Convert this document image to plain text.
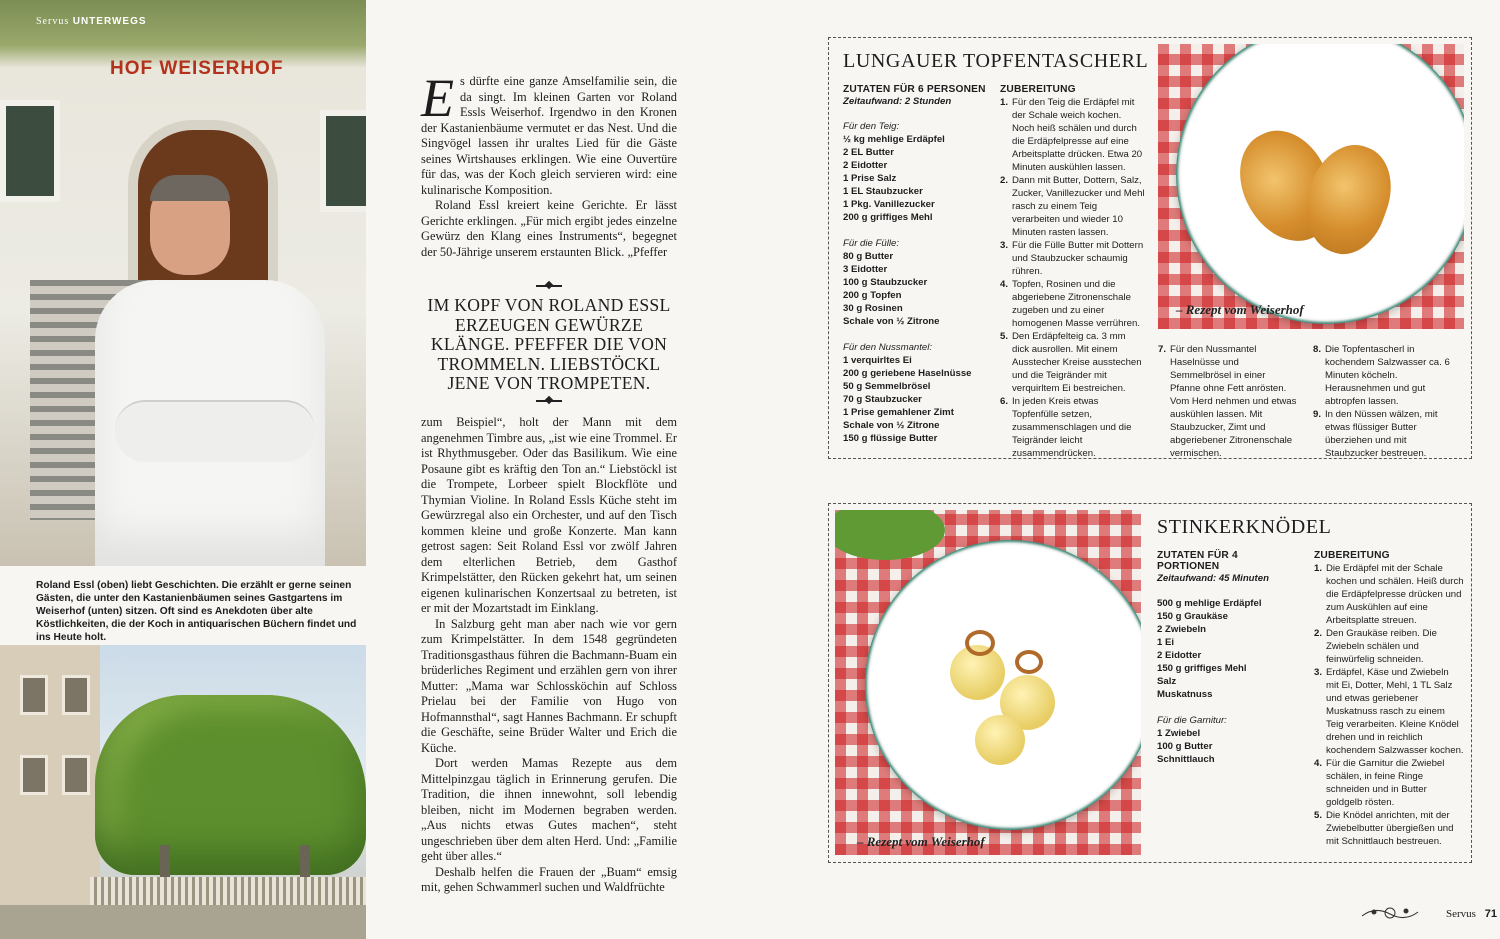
HOF WEISERHOF
Servus UNTERWEGS
Roland Essl (oben) liebt Geschichten. Die erzählt er gerne seinen Gästen, die unter den Kastanienbäumen seines Gastgartens im Weiserhof (unten) sitzen. Oft sind es Anekdoten über alte Köstlichkeiten, die der Koch in antiquarischen Büchern findet und ins Heute holt.

Es dürfte eine ganze Amselfamilie sein, die da singt. Im kleinen Garten vor Roland Essls Weiserhof. Irgendwo in den Kronen der Kastanienbäume vermutet er das Nest. Und die Singvögel lassen ihr uraltes Lied für die Gäste seines Wirtshauses erklingen. Wie eine Ouvertüre für das, was der Koch gleich servieren wird: eine kulinarische Komposition.

Roland Essl kreiert keine Gerichte. Er lässt Gerichte erklingen. „Für mich ergibt jedes einzelne Gewürz den Klang eines Instruments“, begegnet der 50-Jährige unserem erstaunten Blick. „Pfeffer

IM KOPF VON ROLAND ESSL ERZEUGEN GEWÜRZE KLÄNGE. PFEFFER DIE VON TROMMELN. LIEBSTÖCKL JENE VON TROMPETEN.

zum Beispiel“, holt der Mann mit dem angenehmen Timbre aus, „ist wie eine Trommel. Er ist Rhythmusgeber. Oder das Basilikum. Wie eine Posaune gibt es kräftig den Ton an.“ Liebstöckl ist die Trompete, Lorbeer spielt Blockflöte und Thymian Violine. In Roland Essls Küche steht im Gewürzregal also ein Orchester, und auf den Tisch kommen kleine und große Konzerte. Man kann getrost sagen: Seit Roland Essl vor zwölf Jahren dem elterlichen Betrieb, dem Gasthof Krimpelstätter, den Rücken gekehrt hat, um seinen eigenen kulinarischen Konzertsaal zu betreten, ist er mit der Mozartstadt im Einklang.

In Salzburg geht man aber nach wie vor gern zum Krimpelstätter. In dem 1548 gegründeten Traditionsgasthaus führen die Bachmann-Buam ein brüderliches Regiment und erzählen gern von ihrer Mutter: „Mama war Schlossköchin auf Schloss Prielau bei der Familie von Hugo von Hofmannsthal“, sagt Hannes Bachmann. Er schupft die Geschäfte, seine Brüder Walter und Erich die Küche.

Dort werden Mamas Rezepte aus dem Mittelpinzgau täglich in Erinnerung gerufen. Die Tradition, die ihnen innewohnt, soll lebendig bleiben, nicht im Modernen begraben werden. „Aus nichts etwas Gutes machen“, steht ungeschrieben über dem alten Herd. Und: „Familie geht über alles.“

Deshalb helfen die Frauen der „Buam“ emsig mit, gehen Schwammerl suchen und Waldfrüchte

LUNGAUER TOPFENTASCHERL
ZUTATEN FÜR 6 PERSONEN
Zeitaufwand: 2 Stunden
Für den Teig:
½ kg mehlige Erdäpfel
2 EL Butter
2 Eidotter
1 Prise Salz
1 EL Staubzucker
1 Pkg. Vanillezucker
200 g griffiges Mehl
Für die Fülle:
80 g Butter
3 Eidotter
100 g Staubzucker
200 g Topfen
30 g Rosinen
Schale von ½ Zitrone
Für den Nussmantel:
1 verquirltes Ei
200 g geriebene Haselnüsse
50 g Semmelbrösel
70 g Staubzucker
1 Prise gemahlener Zimt
Schale von ½ Zitrone
150 g flüssige Butter
ZUBEREITUNG
1. Für den Teig die Erdäpfel mit der Schale weich kochen. Noch heiß schälen und durch die Erdäpfelpresse auf eine Arbeitsplatte drücken. Etwa 20 Minuten auskühlen lassen.
2. Dann mit Butter, Dottern, Salz, Zucker, Vanillezucker und Mehl rasch zu einem Teig verarbeiten und wieder 10 Minuten rasten lassen.
3. Für die Fülle Butter mit Dottern und Staubzucker schaumig rühren.
4. Topfen, Rosinen und die abgeriebene Zitronenschale zugeben und zu einer homogenen Masse verrühren.
5. Den Erdäpfelteig ca. 3 mm dick ausrollen. Mit einem Ausstecher Kreise ausstechen und die Teigränder mit verquirltem Ei bestreichen.
6. In jeden Kreis etwas Topfenfülle setzen, zusammenschlagen und die Teigränder leicht zusammendrücken.
– Rezept vom Weiserhof
7. Für den Nussmantel Haselnüsse und Semmelbrösel in einer Pfanne ohne Fett anrösten. Vom Herd nehmen und etwas auskühlen lassen. Mit Staubzucker, Zimt und abgeriebener Zitronenschale vermischen.
8. Die Topfentascherl in kochendem Salzwasser ca. 6 Minuten köcheln. Herausnehmen und gut abtropfen lassen.
9. In den Nüssen wälzen, mit etwas flüssiger Butter überziehen und mit Staubzucker bestreuen.
– Rezept vom Weiserhof
STINKERKNÖDEL
ZUTATEN FÜR 4 PORTIONEN
Zeitaufwand: 45 Minuten
500 g mehlige Erdäpfel
150 g Graukäse
2 Zwiebeln
1 Ei
2 Eidotter
150 g griffiges Mehl
Salz
Muskatnuss
Für die Garnitur:
1 Zwiebel
100 g Butter
Schnittlauch
ZUBEREITUNG
1. Die Erdäpfel mit der Schale kochen und schälen. Heiß durch die Erdäpfelpresse drücken und zum Auskühlen auf eine Arbeitsplatte streuen.
2. Den Graukäse reiben. Die Zwiebeln schälen und feinwürfelig schneiden.
3. Erdäpfel, Käse und Zwiebeln mit Ei, Dotter, Mehl, 1 TL Salz und etwas geriebener Muskatnuss rasch zu einem Teig verarbeiten. Kleine Knödel drehen und in reichlich kochendem Salzwasser kochen.
4. Für die Garnitur die Zwiebel schälen, in feine Ringe schneiden und in Butter goldgelb rösten.
5. Die Knödel anrichten, mit der Zwiebelbutter übergießen und mit Schnittlauch bestreuen.
Servus 71
